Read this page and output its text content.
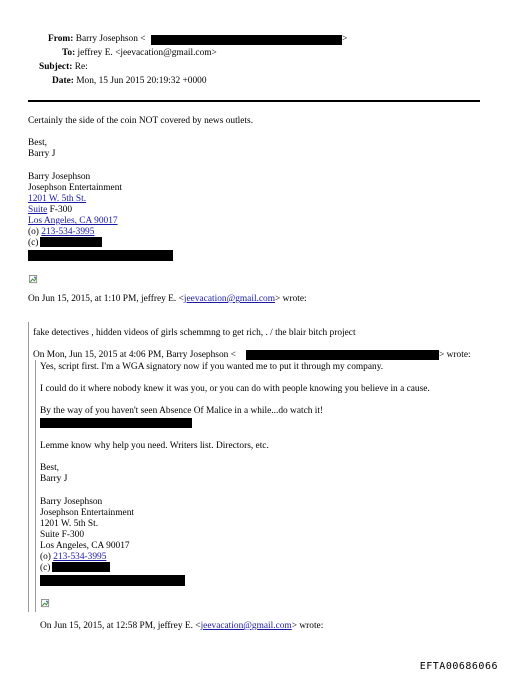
From: Barry Josephson <	>
To: jeffrey E. <jeevacation@gmail.com>
Subject: Re:
Date: Mon, 15 Jun 2015 20:19:32 +0000
Certainly the side of the coin NOT covered by news outlets.
Best,
Barry J
Barry Josephson
Josephson Entertainment
1201 W. 5th St.
Suite F-300
Los Angeles, CA 90017
(o) 213-534-3995
(c)
On Jun 15, 2015, at 1:10 PM, jeffrey E. <jeevacation@gmail.com> wrote:
fake detectives , hidden videos of girls schemmng to get rich, . / the blair bitch project
On Mon, Jun 15, 2015 at 4:06 PM, Barry Josephson <	> wrote:
Yes, script first. I'm a WGA signatory now if you wanted me to put it through my company.
I could do it where nobody knew it was you, or you can do with people knowing you believe in a cause.
By the way of you haven't seen Absence Of Malice in a while...do watch it!
Lemme know why help you need. Writers list. Directors, etc.
Best,
Barry J
Barry Josephson
Josephson Entertainment
1201 W. 5th St.
Suite F-300
Los Angeles, CA 90017
(o) 213-534-3995
(c)
On Jun 15, 2015, at 12:58 PM, jeffrey E. <jeevacation@gmail.com> wrote:
EFTA00686066
